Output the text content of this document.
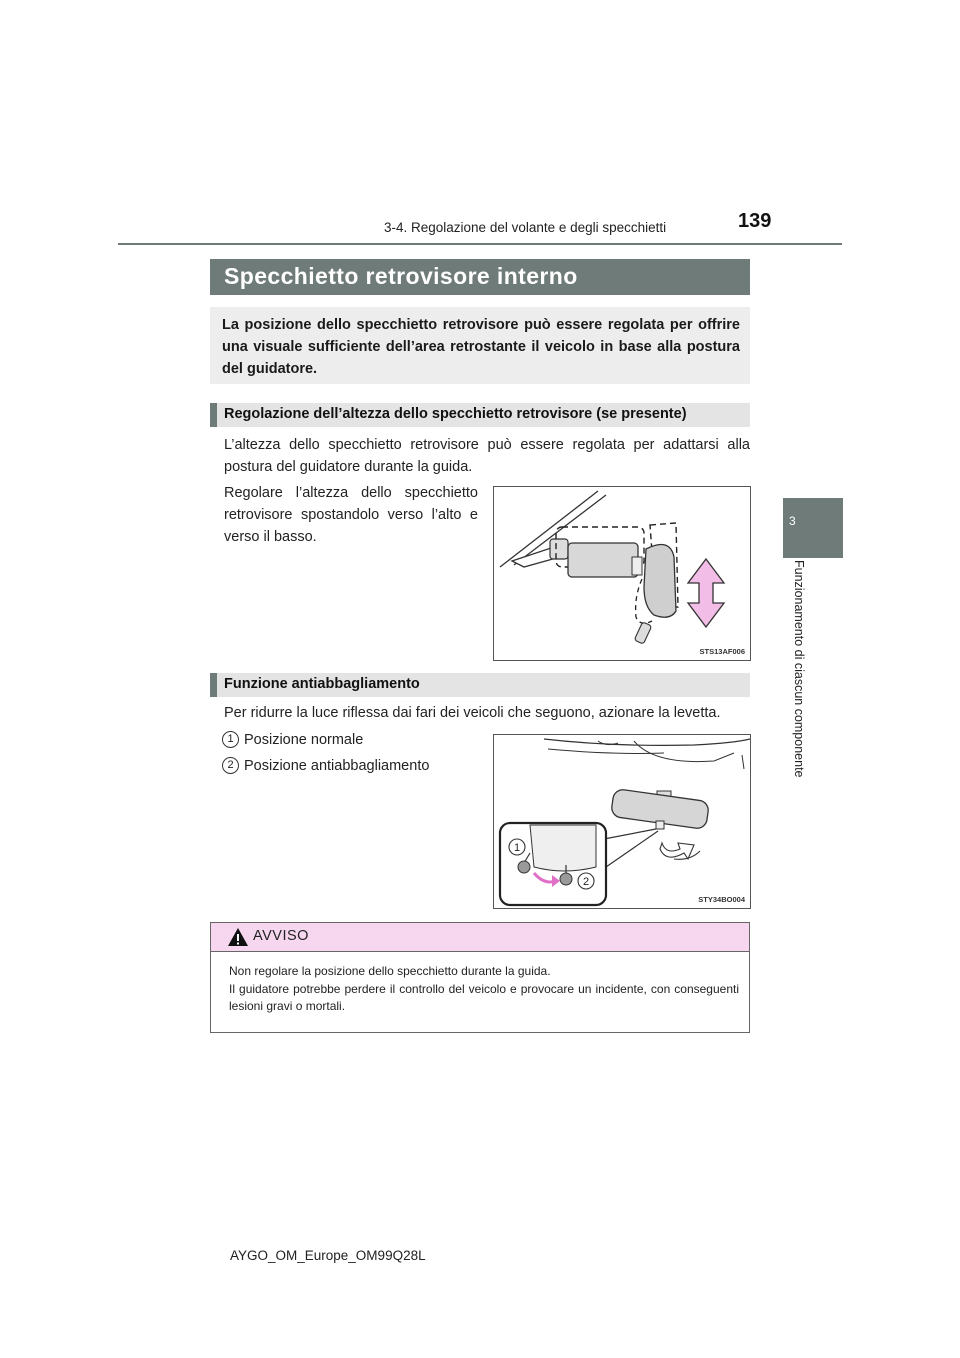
3-4. Regolazione del volante e degli specchietti	139
3
Funzionamento di ciascun componente
Specchietto retrovisore interno

La posizione dello specchietto retrovisore può essere regolata per offrire una visuale sufficiente dell’area retrostante il veicolo in base alla postura del guidatore.

Regolazione dell’altezza dello specchietto retrovisore (se presente)

L’altezza dello specchietto retrovisore può essere regolata per adattarsi alla postura del guidatore durante la guida.

Regolare l’altezza dello specchietto retrovisore spostandolo verso l’alto e verso il basso.

STS13AF006
Funzione antiabbagliamento

Per ridurre la luce riflessa dai fari dei veicoli che seguono, azionare la levetta.

1 Posizione normale
2 Posizione antiabbagliamento
1
2
STY34BO004
AVVISO

Non regolare la posizione dello specchietto durante la guida.

Il guidatore potrebbe perdere il controllo del veicolo e provocare un incidente, con conseguenti lesioni gravi o mortali.

AYGO_OM_Europe_OM99Q28L
